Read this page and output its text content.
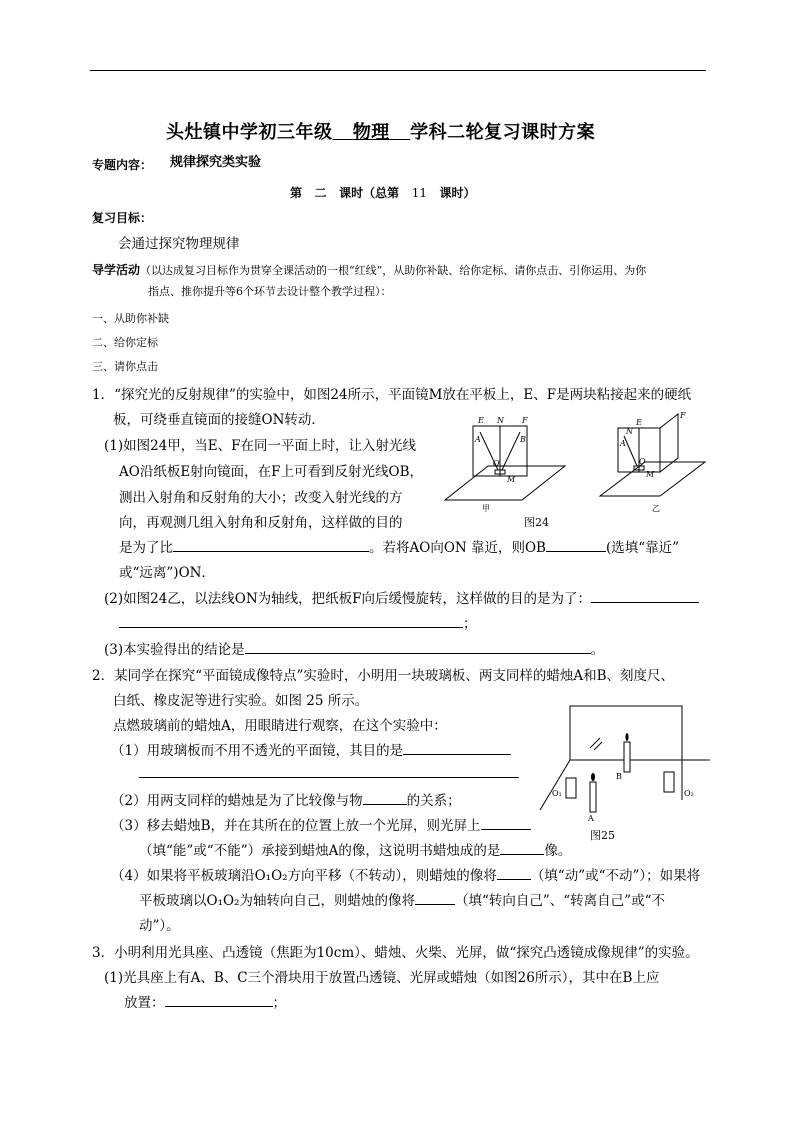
头灶镇中学初三年级 物理 学科二轮复习课时方案
专题内容： 规律探究类实验
第 二 课时（总第 11 课时）
复习目标：
会通过探究物理规律
导学活动（以达成复习目标作为贯穿全课活动的一根“红线”，从助你补缺、给你定标、请你点击、引你运用、为你
指点、推你提升等6个环节去设计整个教学过程）：
一、从助你补缺
二、给你定标
三、请你点击
1．“探究光的反射规律”的实验中，如图24所示，平面镜M放在平板上，E、F是两块粘接起来的硬纸
板，可绕垂直镜面的接缝ON转动．
(1)如图24甲，当E、F在同一平面上时，让入射光线
AO沿纸板E射向镜面，在F上可看到反射光线OB，
测出入射角和反射角的大小；改变入射光线的方
向，再观测几组入射角和反射角，这样做的目的
是为了比	。若将AO向ON 靠近，则OB	(选填“靠近”
或“远离”)ON．
(2)如图24乙，以法线ON为轴线，把纸板F向后缓慢旋转，这样做的目的是为了：
；
(3)本实验得出的结论是	。
E N F
A	B
O
M
E
N
F
A
O
M
甲	乙
图24
2．某同学在探究“平面镜成像特点”实验时，小明用一块玻璃板、两支同样的蜡烛A和B、刻度尺、
白纸、橡皮泥等进行实验。如图 25 所示。
点燃玻璃前的蜡烛A，用眼睛进行观察，在这个实验中：
（1）用玻璃板而不用不透光的平面镜，其目的是
（2）用两支同样的蜡烛是为了比较像与物	的关系；
（3）移去蜡烛B，并在其所在的位置上放一个光屏，则光屏上
（填“能”或“不能”）承接到蜡烛A的像，这说明书蜡烛成的是	像。
（4）如果将平板玻璃沿O₁O₂方向平移（不转动），则蜡烛的像将	（填“动”或“不动”）；如果将
平板玻璃以O₁O₂为轴转向自己，则蜡烛的像将	（填“转向自己”、“转离自己”或“不
动”）。
A
B
O₁	O₂
图25
3．小明利用光具座、凸透镜（焦距为10cm）、蜡烛、火柴、光屏，做“探究凸透镜成像规律”的实验。
(1)光具座上有A、B、C三个滑块用于放置凸透镜、光屏或蜡烛（如图26所示），其中在B上应
放置：	；
